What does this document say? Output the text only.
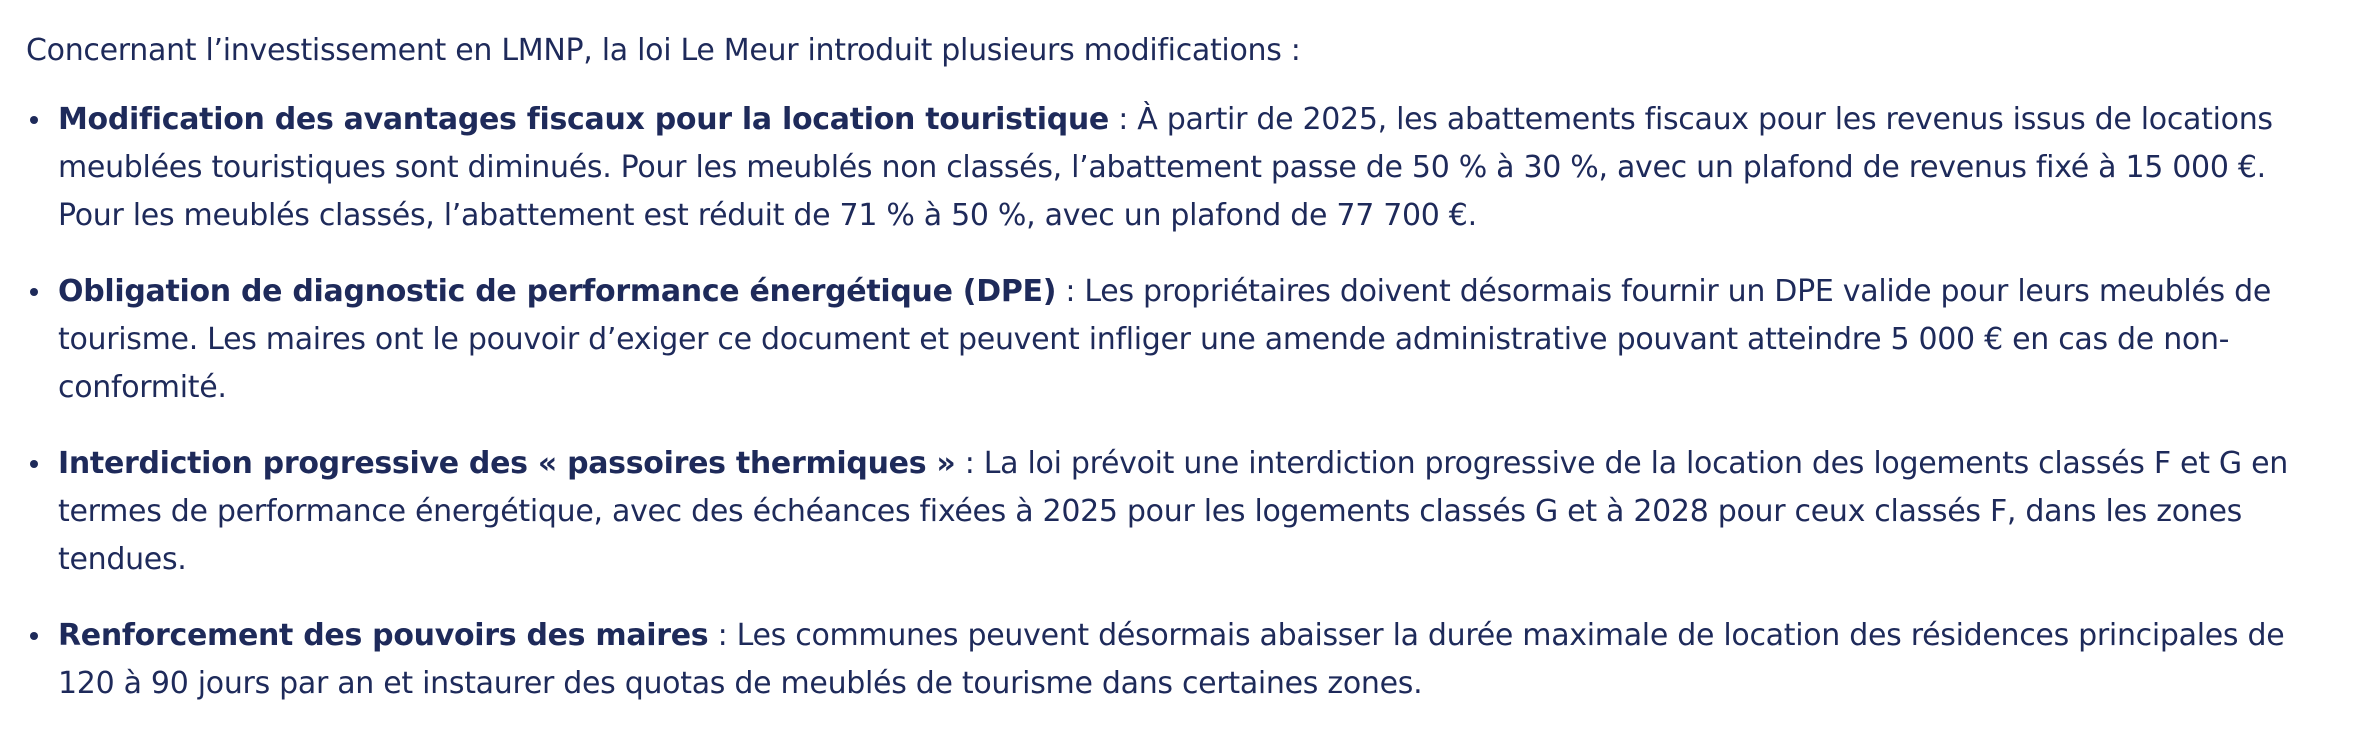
Concernant l’investissement en LMNP, la loi Le Meur introduit plusieurs modifications :

Modification des avantages fiscaux pour la location touristique : À partir de 2025, les abattements fiscaux pour les revenus issus de locations meublées touristiques sont diminués. Pour les meublés non classés, l’abattement passe de 50 % à 30 %, avec un plafond de revenus fixé à 15 000 €. Pour les meublés classés, l’abattement est réduit de 71 % à 50 %, avec un plafond de 77 700 €.
Obligation de diagnostic de performance énergétique (DPE) : Les propriétaires doivent désormais fournir un DPE valide pour leurs meublés de tourisme. Les maires ont le pouvoir d’exiger ce document et peuvent infliger une amende administrative pouvant atteindre 5 000 € en cas de non-conformité.
Interdiction progressive des « passoires thermiques » : La loi prévoit une interdiction progressive de la location des logements classés F et G en termes de performance énergétique, avec des échéances fixées à 2025 pour les logements classés G et à 2028 pour ceux classés F, dans les zones tendues.
Renforcement des pouvoirs des maires : Les communes peuvent désormais abaisser la durée maximale de location des résidences principales de 120 à 90 jours par an et instaurer des quotas de meublés de tourisme dans certaines zones.
